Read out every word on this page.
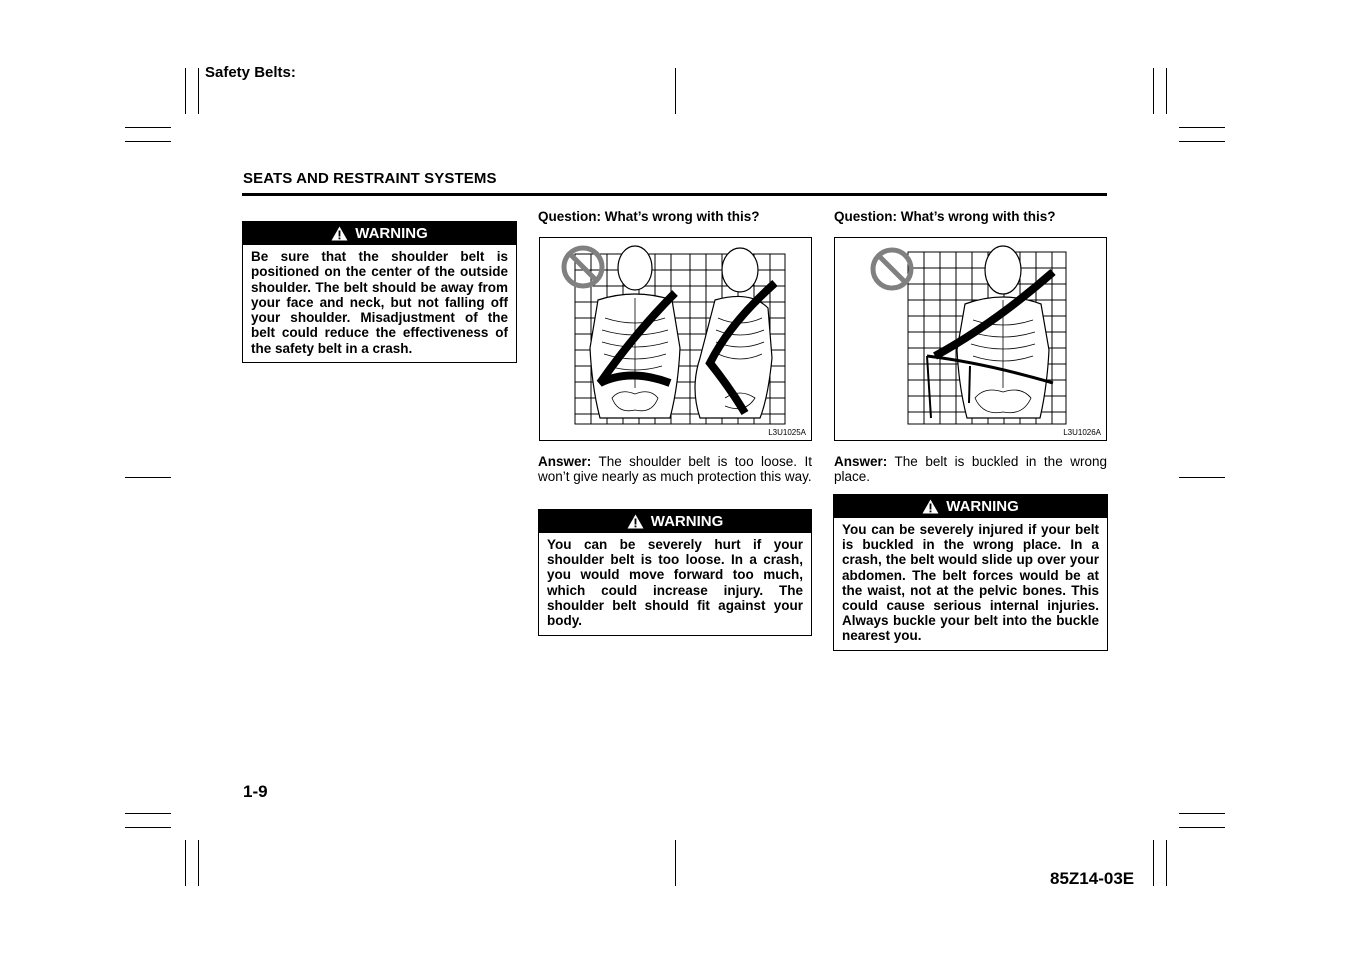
Safety Belts:
SEATS AND RESTRAINT SYSTEMS
WARNING
Be sure that the shoulder belt is positioned on the center of the outside shoulder. The belt should be away from your face and neck, but not falling off your shoulder. Misadjustment of the belt could reduce the effectiveness of the safety belt in a crash.
Question: What’s wrong with this?
L3U1025A
Answer: The shoulder belt is too loose. It won’t give nearly as much protection this way.
WARNING
You can be severely hurt if your shoulder belt is too loose. In a crash, you would move forward too much, which could increase injury. The shoulder belt should fit against your body.
Question: What’s wrong with this?
L3U1026A
Answer: The belt is buckled in the wrong place.
WARNING
You can be severely injured if your belt is buckled in the wrong place. In a crash, the belt would slide up over your abdomen. The belt forces would be at the waist, not at the pelvic bones. This could cause serious internal injuries. Always buckle your belt into the buckle nearest you.
1-9
85Z14-03E
